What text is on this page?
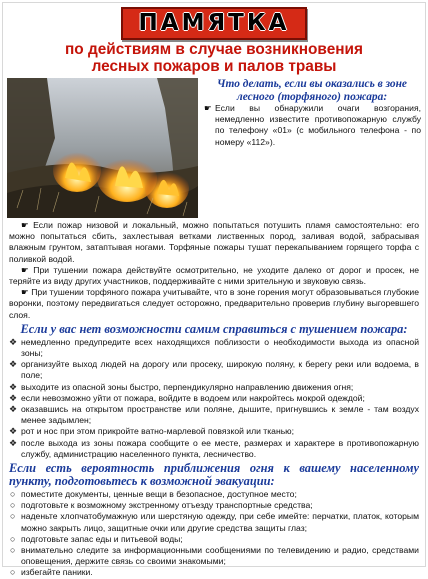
ПАМЯТКА
по действиям в случае возникновения
лесных пожаров и палов травы
Что делать, если вы оказались в зоне
лесного (торфяного) пожара:

☛ Если вы обнаружили очаги возгорания, немедленно известите противопожарную службу по телефону «01» (с мобильного телефона - по номеру «112»).

☛ Если пожар низовой и локальный, можно попытаться потушить пламя самостоятельно: его можно попытаться сбить, захлестывая ветками лиственных пород, заливая водой, забрасывая влажным грунтом, затаптывая ногами. Торфяные пожары тушат перекапыванием горящего торфа с поливкой водой.

☛ При тушении пожара действуйте осмотрительно, не уходите далеко от дорог и просек, не теряйте из виду других участников, поддерживайте с ними зрительную и звуковую связь.

☛ При тушении торфяного пожара учитывайте, что в зоне горения могут образовываться глубокие воронки, поэтому передвигаться следует осторожно, предварительно проверив глубину выгоревшего слоя.

Если у вас нет возможности самим справиться с тушением пожара:

❖ немедленно предупредите всех находящихся поблизости о необходимости выхода из опасной зоны;

❖ организуйте выход людей на дорогу или просеку, широкую поляну, к берегу реки или водоема, в поле;

❖ выходите из опасной зоны быстро, перпендикулярно направлению движения огня;

❖ если невозможно уйти от пожара, войдите в водоем или накройтесь мокрой одеждой;

❖ оказавшись на открытом пространстве или поляне, дышите, пригнувшись к земле - там воздух менее задымлен;

❖ рот и нос при этом прикройте ватно-марлевой повязкой или тканью;

❖ после выхода из зоны пожара сообщите о ее месте, размерах и характере в противопожарную службу, администрацию населенного пункта, лесничество.

Если есть вероятность приближения огня к вашему населенному пункту, подготовьтесь к возможной эвакуации:

○ поместите документы, ценные вещи в безопасное, доступное место;

○ подготовьте к возможному экстренному отъезду транспортные средства;

○ наденьте хлопчатобумажную или шерстяную одежду, при себе имейте: перчатки, платок, которым можно закрыть лицо, защитные очки или другие средства защиты глаз;

○ подготовьте запас еды и питьевой воды;

○ внимательно следите за информационными сообщениями по телевидению и радио, средствами оповещения, держите связь со своими знакомыми;

○ избегайте паники.
